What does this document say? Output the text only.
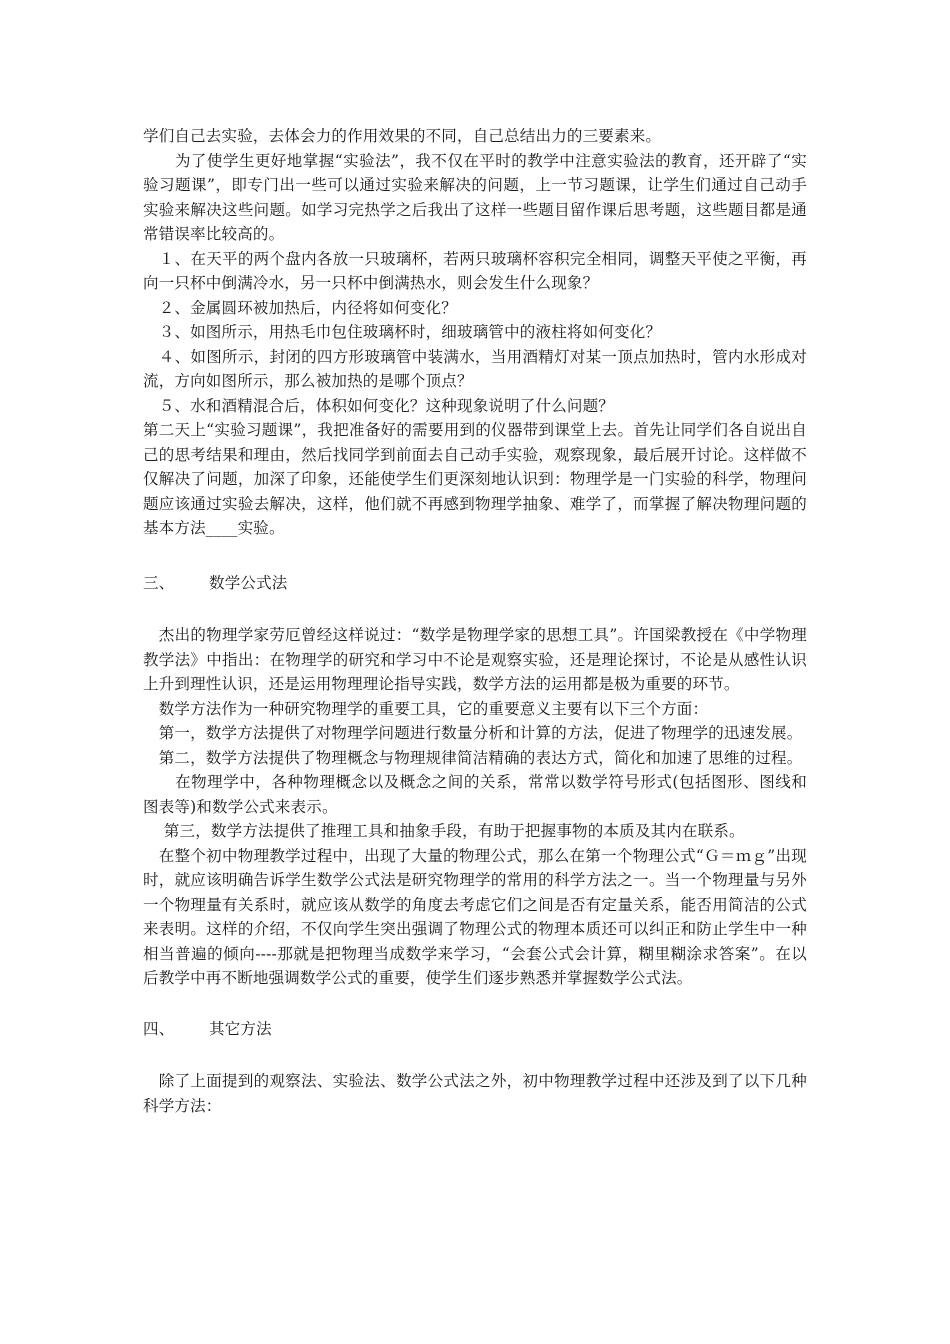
学们自己去实验，去体会力的作用效果的不同，自己总结出力的三要素来。

　　为了使学生更好地掌握“实验法”，我不仅在平时的教学中注意实验法的教育，还开辟了“实验习题课”，即专门出一些可以通过实验来解决的问题，上一节习题课，让学生们通过自己动手实验来解决这些问题。如学习完热学之后我出了这样一些题目留作课后思考题，这些题目都是通常错误率比较高的。

　１、在天平的两个盘内各放一只玻璃杯，若两只玻璃杯容积完全相同，调整天平使之平衡，再向一只杯中倒满冷水，另一只杯中倒满热水，则会发生什么现象？

　２、金属圆环被加热后，内径将如何变化？

　３、如图所示，用热毛巾包住玻璃杯时，细玻璃管中的液柱将如何变化？

　４、如图所示，封闭的四方形玻璃管中装满水，当用酒精灯对某一顶点加热时，管内水形成对流，方向如图所示，那么被加热的是哪个顶点？

　５、水和酒精混合后，体积如何变化？这种现象说明了什么问题？

第二天上“实验习题课”，我把准备好的需要用到的仪器带到课堂上去。首先让同学们各自说出自己的思考结果和理由，然后找同学到前面去自己动手实验，观察现象，最后展开讨论。这样做不仅解决了问题，加深了印象，还能使学生们更深刻地认识到：物理学是一门实验的科学，物理问题应该通过实验去解决，这样，他们就不再感到物理学抽象、难学了，而掌握了解决物理问题的基本方法____实验。

三、 数学公式法

　杰出的物理学家劳厄曾经这样说过：“数学是物理学家的思想工具”。许国梁教授在《中学物理教学法》中指出：在物理学的研究和学习中不论是观察实验，还是理论探讨，不论是从感性认识上升到理性认识，还是运用物理理论指导实践，数学方法的运用都是极为重要的环节。

　数学方法作为一种研究物理学的重要工具，它的重要意义主要有以下三个方面：

　第一，数学方法提供了对物理学问题进行数量分析和计算的方法，促进了物理学的迅速发展。

　第二，数学方法提供了物理概念与物理规律简洁精确的表达方式，简化和加速了思维的过程。

　　在物理学中，各种物理概念以及概念之间的关系，常常以数学符号形式(包括图形、图线和图表等)和数学公式来表示。

　 第三，数学方法提供了推理工具和抽象手段，有助于把握事物的本质及其内在联系。

　在整个初中物理教学过程中，出现了大量的物理公式，那么在第一个物理公式“Ｇ＝ｍｇ”出现时，就应该明确告诉学生数学公式法是研究物理学的常用的科学方法之一。当一个物理量与另外一个物理量有关系时，就应该从数学的角度去考虑它们之间是否有定量关系，能否用简洁的公式来表明。这样的介绍，不仅向学生突出强调了物理公式的物理本质还可以纠正和防止学生中一种相当普遍的倾向----那就是把物理当成数学来学习，“会套公式会计算，糊里糊涂求答案”。在以后教学中再不断地强调数学公式的重要，使学生们逐步熟悉并掌握数学公式法。

四、 其它方法

　除了上面提到的观察法、实验法、数学公式法之外，初中物理教学过程中还涉及到了以下几种科学方法：
